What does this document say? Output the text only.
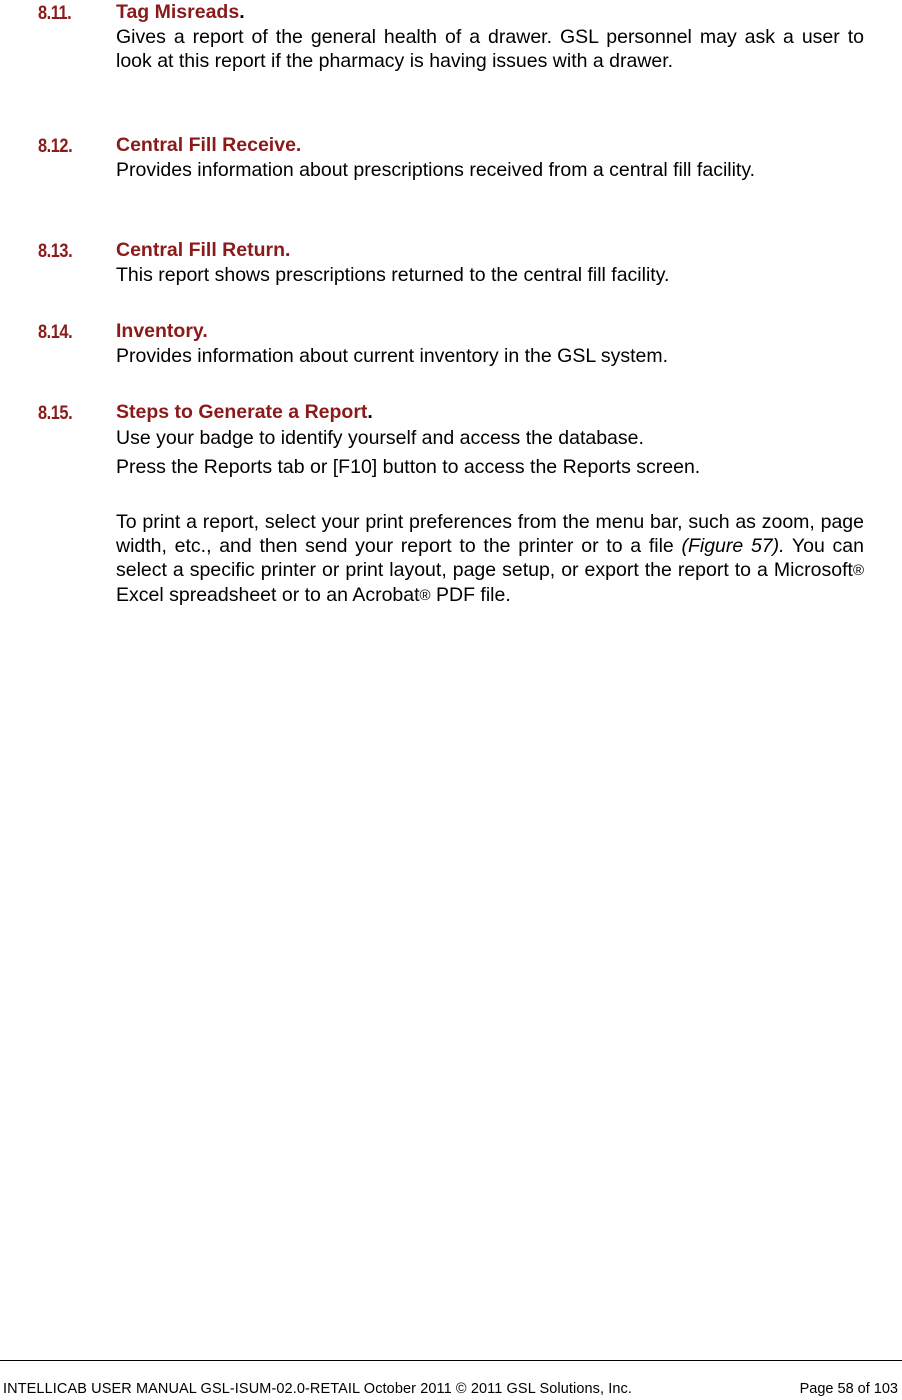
8.11. Tag Misreads.

Gives a report of the general health of a drawer. GSL personnel may ask a user to look at this report if the pharmacy is having issues with a drawer.

8.12. Central Fill Receive.

Provides information about prescriptions received from a central fill facility.

8.13. Central Fill Return.

This report shows prescriptions returned to the central fill facility.

8.14. Inventory.

Provides information about current inventory in the GSL system.

8.15. Steps to Generate a Report.

Use your badge to identify yourself and access the database.

Press the Reports tab or [F10] button to access the Reports screen.

To print a report, select your print preferences from the menu bar, such as zoom, page width, etc., and then send your report to the printer or to a file (Figure 57). You can select a specific printer or print layout, page setup, or export the report to a Microsoft® Excel spreadsheet or to an Acrobat® PDF file.

INTELLICAB USER MANUAL GSL-ISUM-02.0-RETAIL October 2011 © 2011 GSL Solutions, Inc.	Page 58 of 103
